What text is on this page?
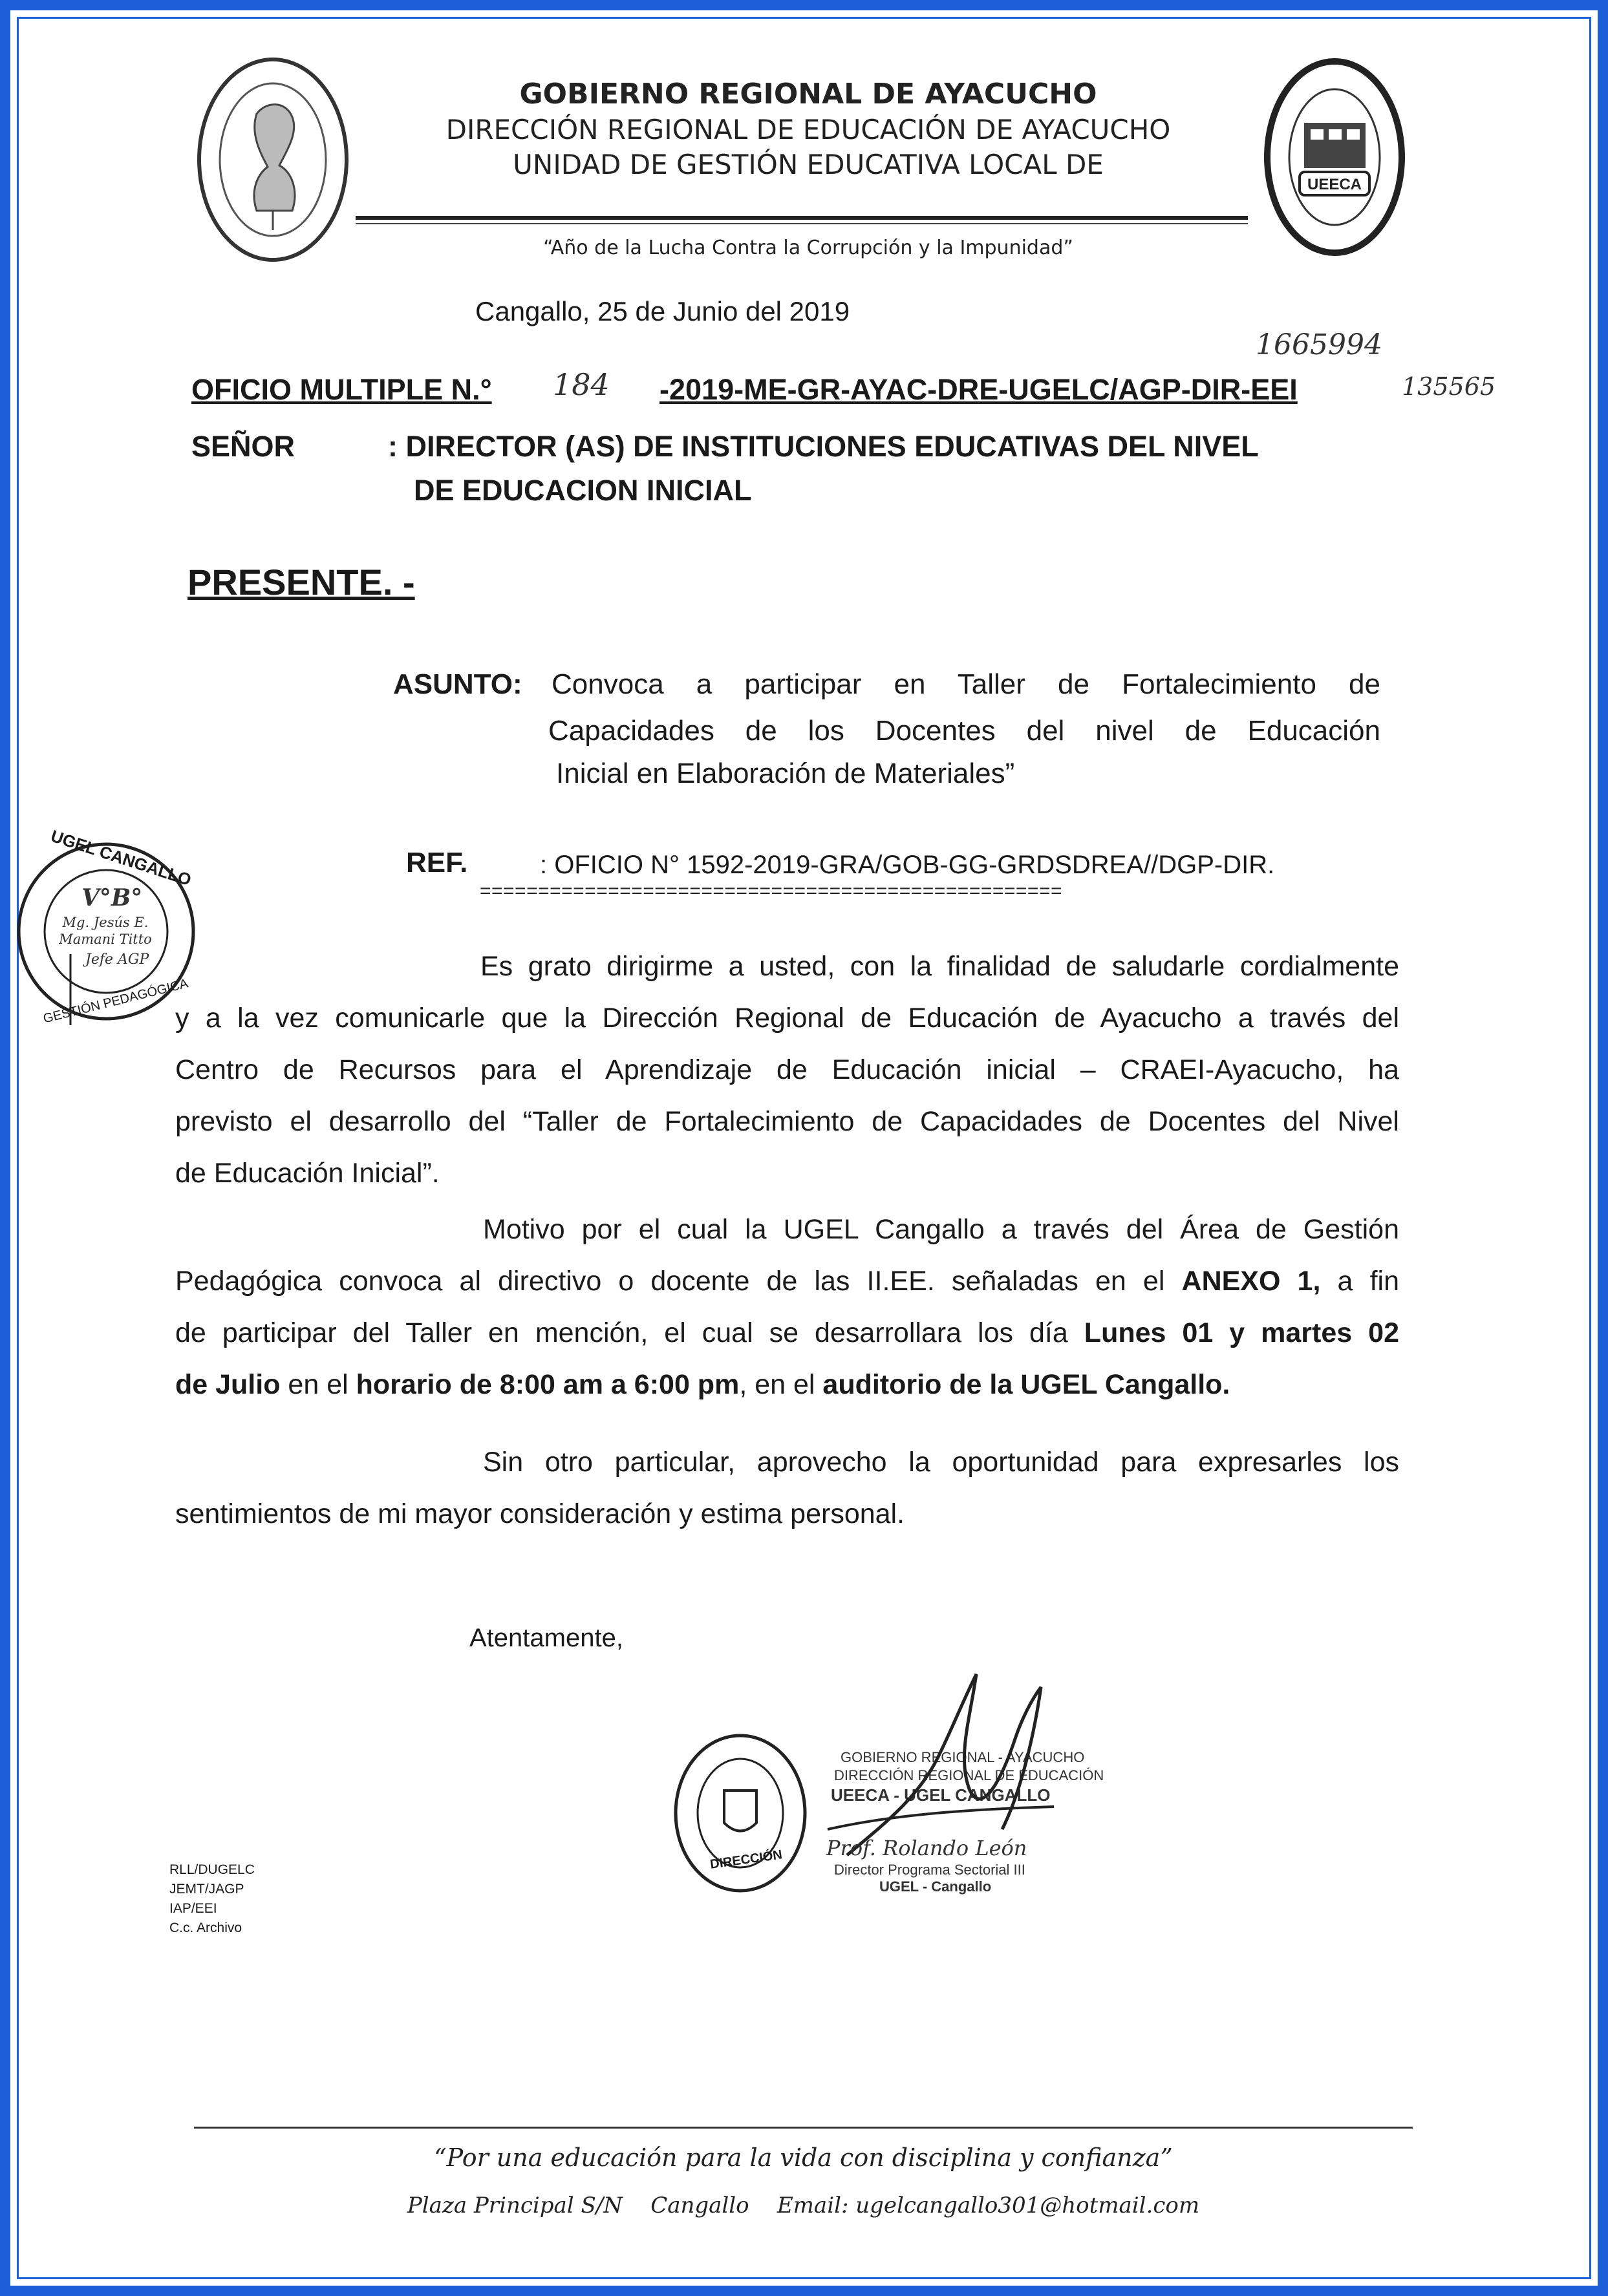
GOBIERNO REGIONAL DE AYACUCHO
DIRECCIÓN REGIONAL DE EDUCACIÓN DE AYACUCHO
UNIDAD DE GESTIÓN EDUCATIVA LOCAL DE
“Año de la Lucha Contra la Corrupción y la Impunidad”
UEECA
Cangallo, 25 de Junio del 2019
1665994
135565
OFICIO MULTIPLE N.° 184 -2019-ME-GR-AYAC-DRE-UGELC/AGP-DIR-EEI
SEÑOR	: DIRECTOR (AS) DE INSTITUCIONES EDUCATIVAS DEL NIVEL
DE EDUCACION INICIAL
PRESENTE. -
ASUNTO: Convoca a participar en Taller de Fortalecimiento de
Capacidades de los Docentes del nivel de Educación
Inicial en Elaboración de Materiales”
REF.	: OFICIO N° 1592-2019-GRA/GOB-GG-GRDSDREA//DGP-DIR.
==================================================
UGEL CANGALLO
GESTIÓN PEDAGÓGICA
V°B°
Mg. Jesús E. Mamani Titto
Jefe AGP	Es grato dirigirme a usted, con la finalidad de saludarle cordialmente
y a la vez comunicarle que la Dirección Regional de Educación de Ayacucho a través del
Centro de Recursos para el Aprendizaje de Educación inicial – CRAEI-Ayacucho, ha
previsto el desarrollo del “Taller de Fortalecimiento de Capacidades de Docentes del Nivel
de Educación Inicial”.
Motivo por el cual la UGEL Cangallo a través del Área de Gestión
Pedagógica convoca al directivo o docente de las II.EE. señaladas en el ANEXO 1, a fin
de participar del Taller en mención, el cual se desarrollara los día Lunes 01 y martes 02
de Julio en el horario de 8:00 am a 6:00 pm, en el auditorio de la UGEL Cangallo.
Sin otro particular, aprovecho la oportunidad para expresarles los
sentimientos de mi mayor consideración y estima personal.
Atentamente,
DIRECCIÓN
GOBIERNO REGIONAL - AYACUCHO
DIRECCIÓN REGIONAL DE EDUCACIÓN
UEECA - UGEL CANGALLO
Prof. Rolando León
Director Programa Sectorial III
UGEL - Cangallo
RLL/DUGELC
JEMT/JAGP
IAP/EEI
C.c. Archivo
“Por una educación para la vida con disciplina y confianza”
Plaza Principal S/N    Cangallo    Email: ugelcangallo301@hotmail.com
